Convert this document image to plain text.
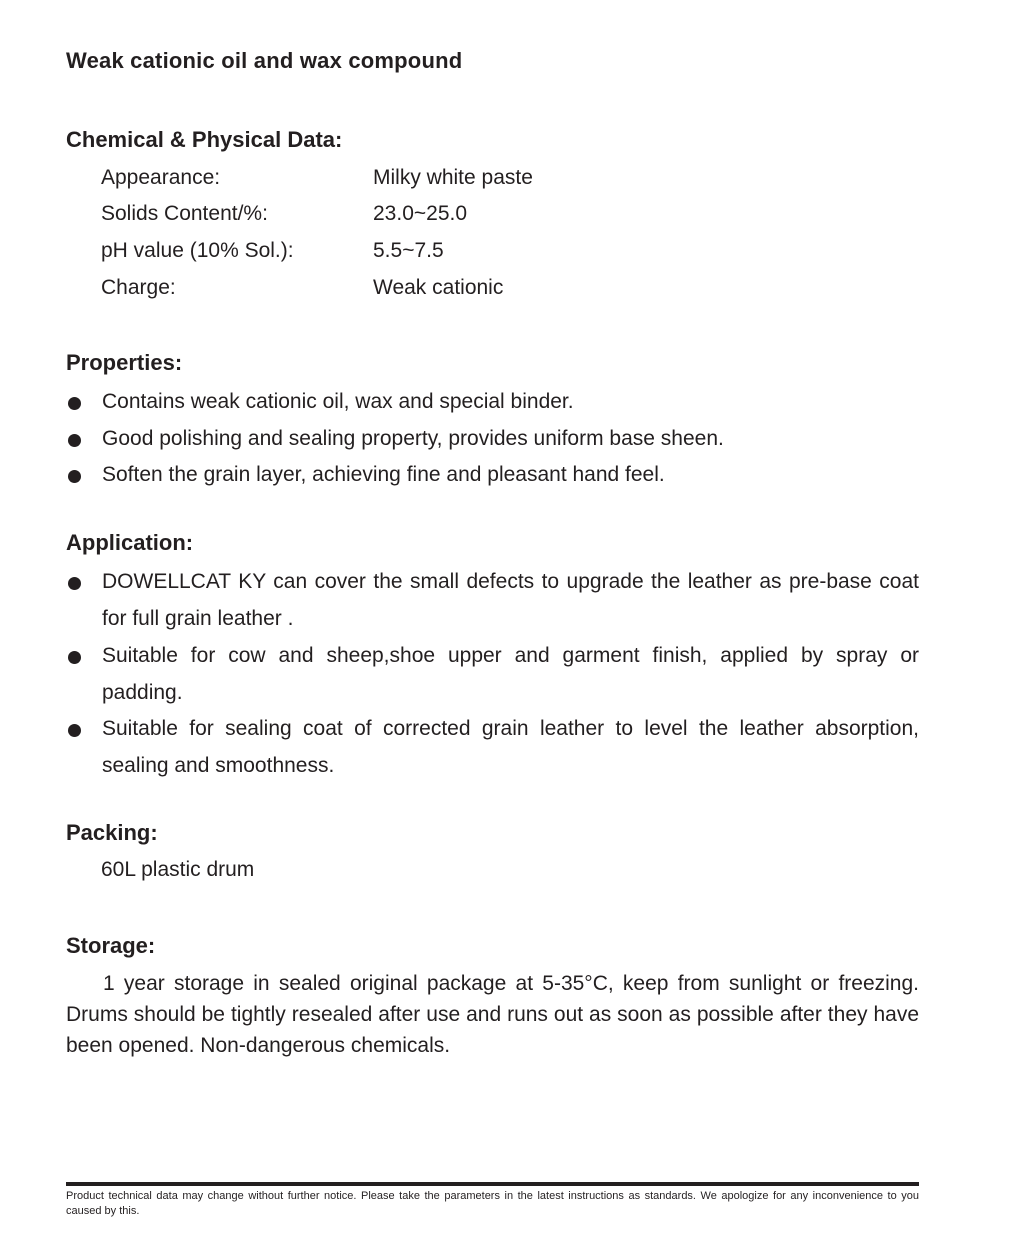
Weak cationic oil and wax compound
Chemical & Physical Data:
Appearance:	Milky white paste
Solids Content/%:	23.0~25.0
pH value (10% Sol.):	5.5~7.5
Charge:	Weak cationic
Properties:
Contains weak cationic oil, wax and special binder.
Good polishing and sealing property, provides uniform base sheen.
Soften the grain layer, achieving fine and pleasant hand feel.
Application:
DOWELLCAT KY can cover the small defects to upgrade the leather as pre-base coat for full grain leather .
Suitable for cow and sheep,shoe upper and garment finish, applied by spray or padding.
Suitable for sealing coat of corrected grain leather to level the leather absorption, sealing and smoothness.
Packing:
60L plastic drum
Storage:
1 year storage in sealed original package at 5-35°C, keep from sunlight or freezing. Drums should be tightly resealed after use and runs out as soon as possible after they have been opened. Non-dangerous chemicals.
Product technical data may change without further notice. Please take the parameters in the latest instructions as standards. We apologize for any inconvenience to you caused by this.
